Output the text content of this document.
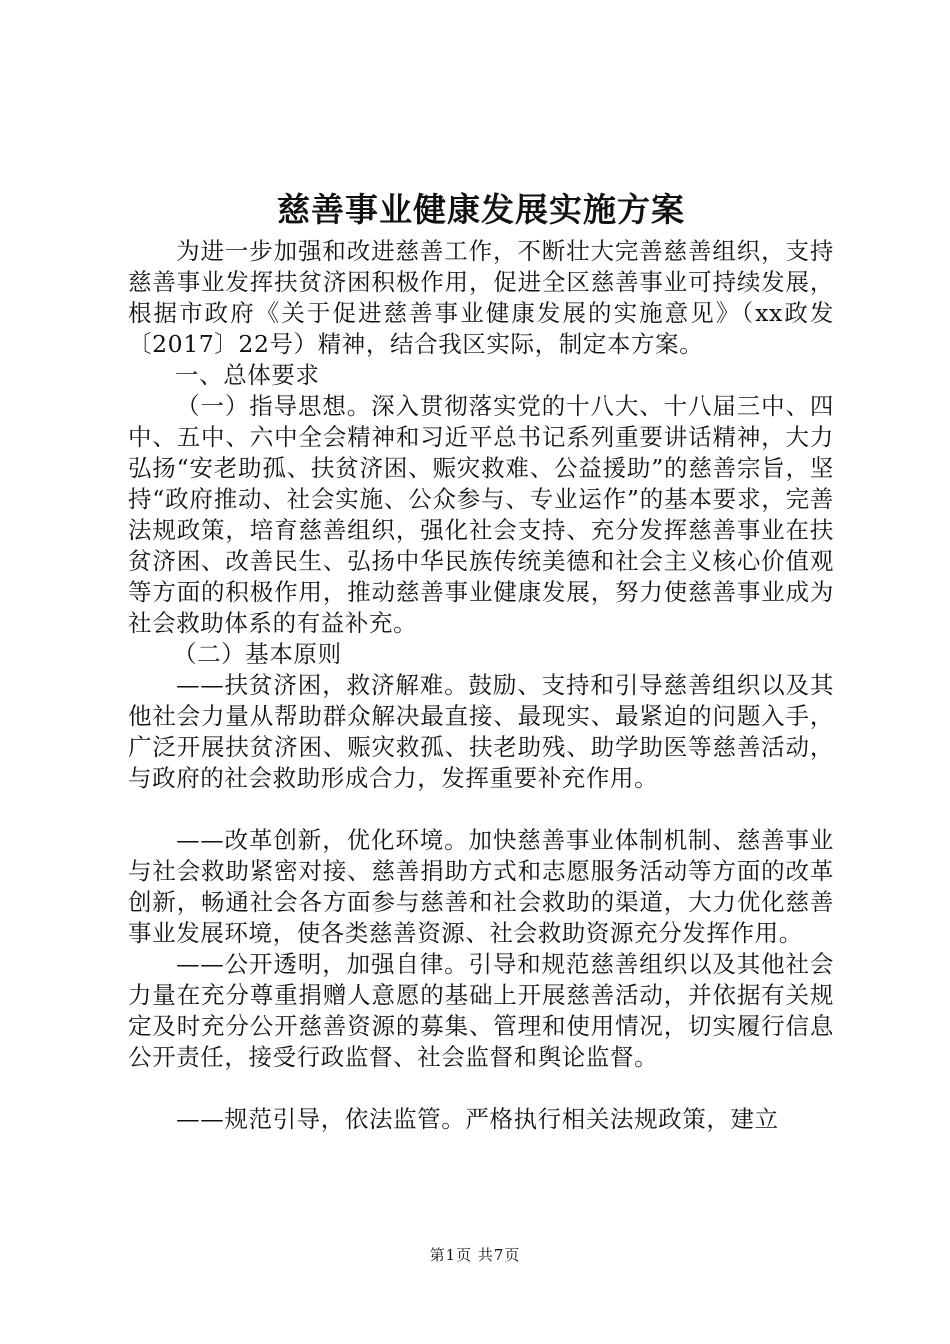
慈善事业健康发展实施方案

为进一步加强和改进慈善工作，不断壮大完善慈善组织，支持慈善事业发挥扶贫济困积极作用，促进全区慈善事业可持续发展，根据市政府《关于促进慈善事业健康发展的实施意见》（xx政发〔2017〕22号）精神，结合我区实际，制定本方案。

一、总体要求

（一）指导思想。深入贯彻落实党的十八大、十八届三中、四中、五中、六中全会精神和习近平总书记系列重要讲话精神，大力弘扬“安老助孤、扶贫济困、赈灾救难、公益援助”的慈善宗旨，坚持“政府推动、社会实施、公众参与、专业运作”的基本要求，完善法规政策，培育慈善组织，强化社会支持、充分发挥慈善事业在扶贫济困、改善民生、弘扬中华民族传统美德和社会主义核心价值观等方面的积极作用，推动慈善事业健康发展，努力使慈善事业成为社会救助体系的有益补充。

（二）基本原则

——扶贫济困，救济解难。鼓励、支持和引导慈善组织以及其他社会力量从帮助群众解决最直接、最现实、最紧迫的问题入手，广泛开展扶贫济困、赈灾救孤、扶老助残、助学助医等慈善活动，与政府的社会救助形成合力，发挥重要补充作用。

——改革创新，优化环境。加快慈善事业体制机制、慈善事业与社会救助紧密对接、慈善捐助方式和志愿服务活动等方面的改革创新，畅通社会各方面参与慈善和社会救助的渠道，大力优化慈善事业发展环境，使各类慈善资源、社会救助资源充分发挥作用。

——公开透明，加强自律。引导和规范慈善组织以及其他社会力量在充分尊重捐赠人意愿的基础上开展慈善活动，并依据有关规定及时充分公开慈善资源的募集、管理和使用情况，切实履行信息公开责任，接受行政监督、社会监督和舆论监督。

——规范引导，依法监管。严格执行相关法规政策，建立

第1页 共7页
